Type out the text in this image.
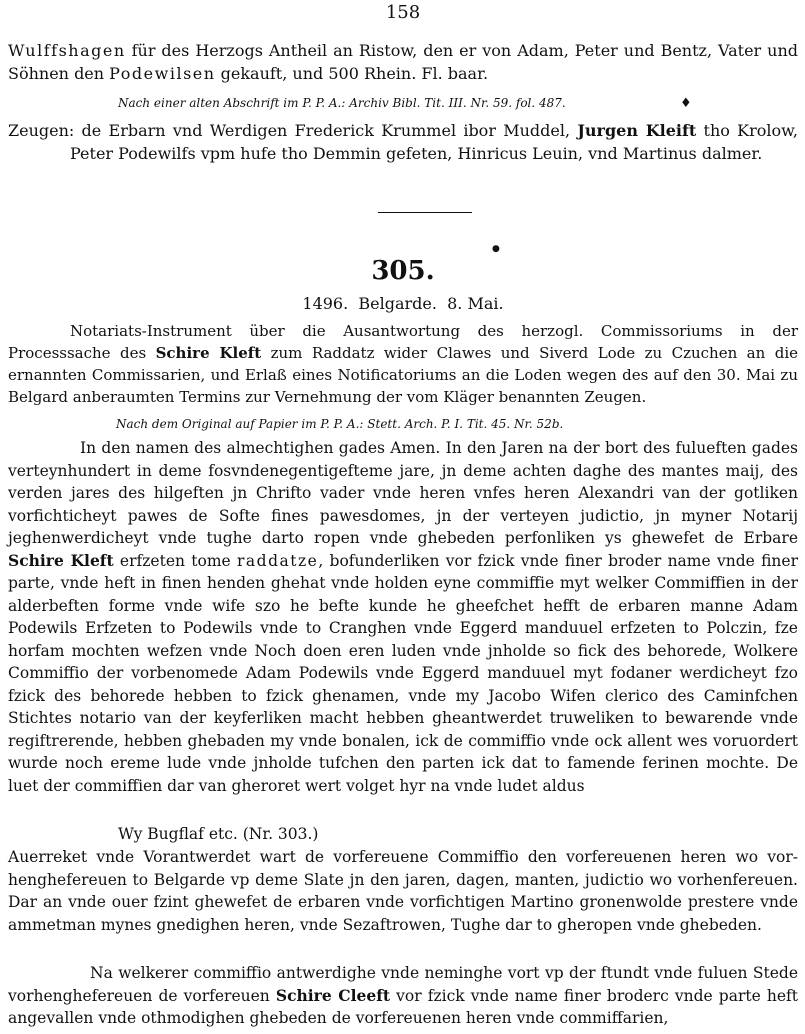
158

Wulffshagen für des Herzogs Antheil an Ristow, den er von Adam, Peter und Bentz, Vater und Söhnen den Podewilsen gekauft, und 500 Rhein. Fl. baar.

Nach einer alten Abschrift im P. P. A.: Archiv Bibl. Tit. III. Nr. 59. fol. 487.	♦

Zeugen: de Erbarn vnd Werdigen Frederick Krummel ibor Muddel, Jurgen Kleift tho Krolow, Peter Podewilfs vpm hufe tho Demmin gefeten, Hinricus Leuin, vnd Martinus dalmer.

●
305.
1496. Belgarde. 8. Mai.

Notariats-Instrument über die Ausantwortung des herzogl. Commissoriums in der Processsache des Schire Kleft zum Raddatz wider Clawes und Siverd Lode zu Czuchen an die ernannten Commissarien, und Erlaß eines Notificatoriums an die Loden wegen des auf den 30. Mai zu Belgard anberaumten Termins zur Vernehmung der vom Kläger benannten Zeugen.

Nach dem Original auf Papier im P. P. A.: Stett. Arch. P. I. Tit. 45. Nr. 52b.

In den namen des almechtighen gades Amen. In den Jaren na der bort des fulueften gades verteynhundert in deme fosvndenegentigefteme jare, jn deme achten daghe des mantes maij, des verden jares des hilgeften jn Chrifto vader vnde heren vnfes heren Alexandri van der gotliken vorfichticheyt pawes de Softe fines pawesdomes, jn der verteyen judictio, jn myner Notarij jeghenwerdicheyt vnde tughe darto ropen vnde ghebeden perfonliken ys ghewefet de Erbare Schire Kleft erfzeten tome raddatze, bofunderliken vor fzick vnde finer broder name vnde finer parte, vnde heft in finen henden ghehat vnde holden eyne commiffie myt welker Commiffien in der alderbeften forme vnde wife szo he befte kunde he gheefchet hefft de erbaren manne Adam Podewils Erfzeten to Podewils vnde to Cranghen vnde Eggerd manduuel erfzeten to Polczin, fze horfam mochten wefzen vnde Noch doen eren luden vnde jnholde so fick des behorede, Wolkere Commiffio der vorbenomede Adam Podewils vnde Eggerd manduuel myt fodaner werdicheyt fzo fzick des behorede hebben to fzick ghenamen, vnde my Jacobo Wifen clerico des Caminfchen Stichtes notario van der keyferliken macht hebben gheantwerdet truweliken to bewarende vnde regiftrerende, hebben ghebaden my vnde bonalen, ick de commiffio vnde ock allent wes voruordert wurde noch ereme lude vnde jnholde tufchen den parten ick dat to famende ferinen mochte. De luet der commiffien dar van gheroret wert volget hyr na vnde ludet aldus

Wy Bugflaf etc. (Nr. 303.)

Auerreket vnde Vorantwerdet wart de vorfereuene Commiffio den vorfereuenen heren wo vorhenghefereuen to Belgarde vp deme Slate jn den jaren, dagen, manten, judictio wo vorhenfereuen. Dar an vnde ouer fzint ghewefet de erbaren vnde vorfichtigen Martino gronenwolde prestere vnde ammetman mynes gnedighen heren, vnde Sezaftrowen, Tughe dar to gheropen vnde ghebeden.

Na welkerer commiffio antwerdighe vnde neminghe vort vp der ftundt vnde fuluen Stede vorhenghefereuen de vorfereuen Schire Cleeft vor fzick vnde name finer broderc vnde parte heft angevallen vnde othmodighen ghebeden de vorfereuenen heren vnde commiffarien,
